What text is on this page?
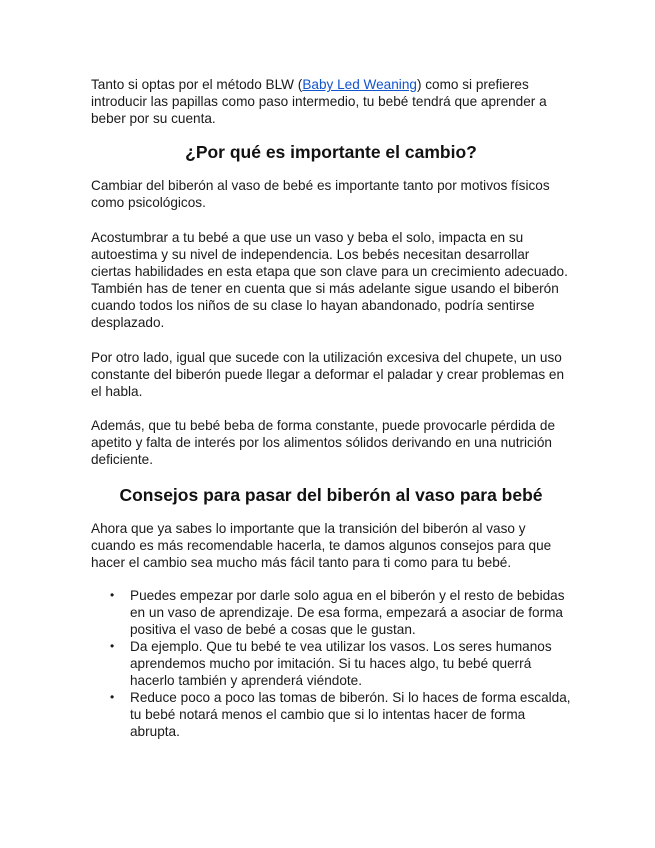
Tanto si optas por el método BLW (Baby Led Weaning) como si prefieres introducir las papillas como paso intermedio, tu bebé tendrá que aprender a beber por su cuenta.

¿Por qué es importante el cambio?

Cambiar del biberón al vaso de bebé es importante tanto por motivos físicos como psicológicos.

Acostumbrar a tu bebé a que use un vaso y beba el solo, impacta en su autoestima y su nivel de independencia. Los bebés necesitan desarrollar ciertas habilidades en esta etapa que son clave para un crecimiento adecuado. También has de tener en cuenta que si más adelante sigue usando el biberón cuando todos los niños de su clase lo hayan abandonado, podría sentirse desplazado.

Por otro lado, igual que sucede con la utilización excesiva del chupete, un uso constante del biberón puede llegar a deformar el paladar y crear problemas en el habla.

Además, que tu bebé beba de forma constante, puede provocarle pérdida de apetito y falta de interés por los alimentos sólidos derivando en una nutrición deficiente.

Consejos para pasar del biberón al vaso para bebé

Ahora que ya sabes lo importante que la transición del biberón al vaso y cuando es más recomendable hacerla, te damos algunos consejos para que hacer el cambio sea mucho más fácil tanto para ti como para tu bebé.

• Puedes empezar por darle solo agua en el biberón y el resto de bebidas en un vaso de aprendizaje. De esa forma, empezará a asociar de forma positiva el vaso de bebé a cosas que le gustan.
• Da ejemplo. Que tu bebé te vea utilizar los vasos. Los seres humanos aprendemos mucho por imitación. Si tu haces algo, tu bebé querrá hacerlo también y aprenderá viéndote.
• Reduce poco a poco las tomas de biberón. Si lo haces de forma escalda, tu bebé notará menos el cambio que si lo intentas hacer de forma abrupta.
